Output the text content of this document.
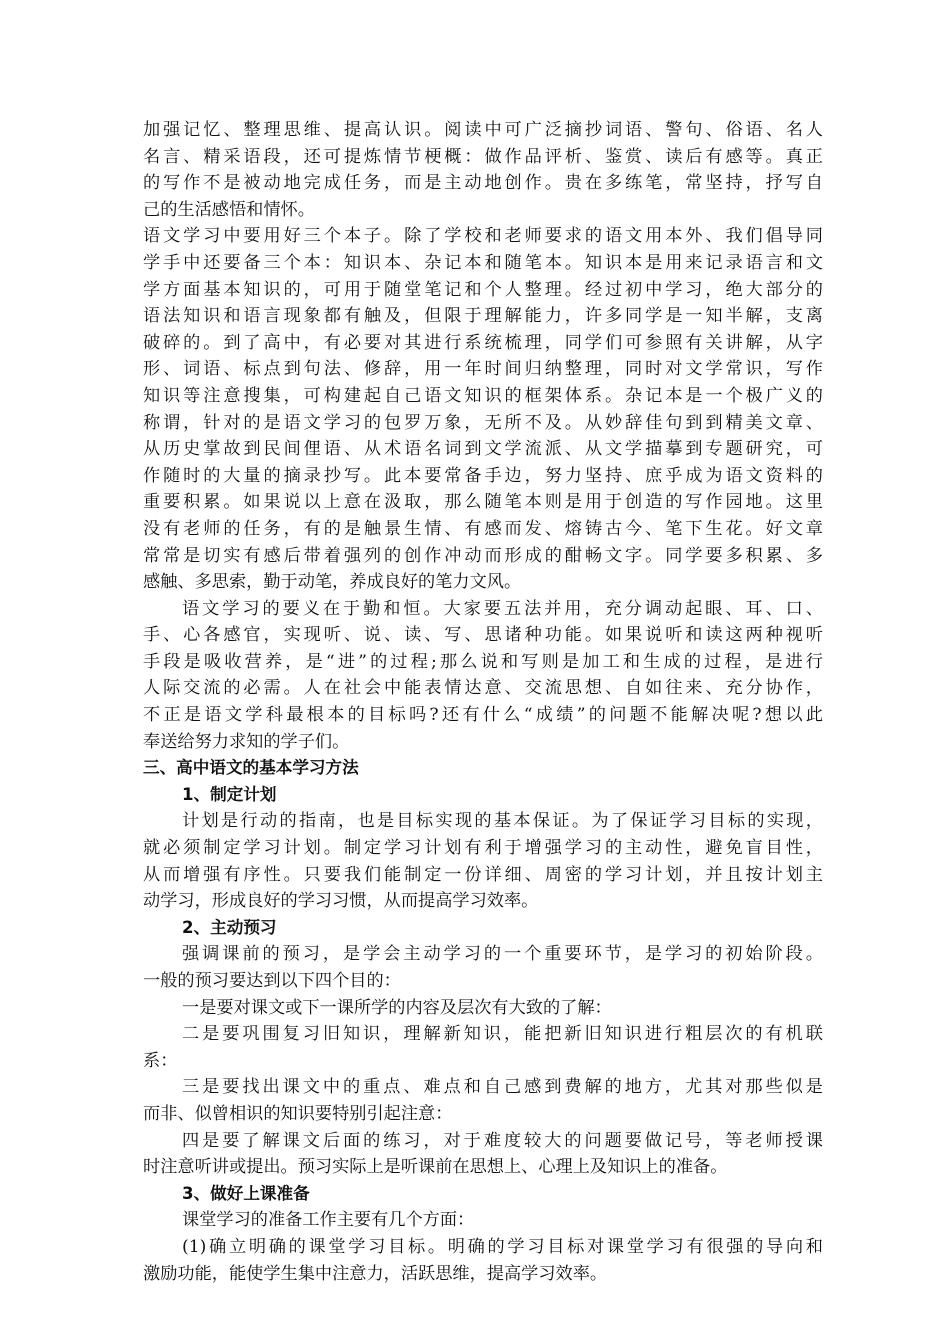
加强记忆、整理思维、提高认识。阅读中可广泛摘抄词语、警句、俗语、名人
名言、精采语段，还可提炼情节梗概：做作品评析、鉴赏、读后有感等。真正
的写作不是被动地完成任务，而是主动地创作。贵在多练笔，常坚持，抒写自
己的生活感悟和情怀。
语文学习中要用好三个本子。除了学校和老师要求的语文用本外、我们倡导同
学手中还要备三个本：知识本、杂记本和随笔本。知识本是用来记录语言和文
学方面基本知识的，可用于随堂笔记和个人整理。经过初中学习，绝大部分的
语法知识和语言现象都有触及，但限于理解能力，许多同学是一知半解，支离
破碎的。到了高中，有必要对其进行系统梳理，同学们可参照有关讲解，从字
形、词语、标点到句法、修辞，用一年时间归纳整理，同时对文学常识，写作
知识等注意搜集，可构建起自己语文知识的框架体系。杂记本是一个极广义的
称谓，针对的是语文学习的包罗万象，无所不及。从妙辞佳句到到精美文章、
从历史掌故到民间俚语、从术语名词到文学流派、从文学描摹到专题研究，可
作随时的大量的摘录抄写。此本要常备手边，努力坚持、庶乎成为语文资料的
重要积累。如果说以上意在汲取，那么随笔本则是用于创造的写作园地。这里
没有老师的任务，有的是触景生情、有感而发、熔铸古今、笔下生花。好文章
常常是切实有感后带着强列的创作冲动而形成的酣畅文字。同学要多积累、多
感触、多思索，勤于动笔，养成良好的笔力文风。
语文学习的要义在于勤和恒。大家要五法并用，充分调动起眼、耳、口、
手、心各感官，实现听、说、读、写、思诸种功能。如果说听和读这两种视听
手段是吸收营养，是“进”的过程;那么说和写则是加工和生成的过程，是进行
人际交流的必需。人在社会中能表情达意、交流思想、自如往来、充分协作，
不正是语文学科最根本的目标吗?还有什么“成绩”的问题不能解决呢?想以此
奉送给努力求知的学子们。
三、高中语文的基本学习方法
1、制定计划
计划是行动的指南，也是目标实现的基本保证。为了保证学习目标的实现，
就必须制定学习计划。制定学习计划有利于增强学习的主动性，避免盲目性，
从而增强有序性。只要我们能制定一份详细、周密的学习计划，并且按计划主
动学习，形成良好的学习习惯，从而提高学习效率。
2、主动预习
强调课前的预习，是学会主动学习的一个重要环节，是学习的初始阶段。
一般的预习要达到以下四个目的：
一是要对课文或下一课所学的内容及层次有大致的了解：
二是要巩围复习旧知识，理解新知识，能把新旧知识进行粗层次的有机联
系：
三是要找出课文中的重点、难点和自己感到费解的地方，尤其对那些似是
而非、似曾相识的知识要特别引起注意：
四是要了解课文后面的练习，对于难度较大的问题要做记号，等老师授课
时注意听讲或提出。预习实际上是听课前在思想上、心理上及知识上的准备。
3、做好上课准备
课堂学习的准备工作主要有几个方面：
(1)确立明确的课堂学习目标。明确的学习目标对课堂学习有很强的导向和
激励功能，能使学生集中注意力，活跃思维，提高学习效率。
